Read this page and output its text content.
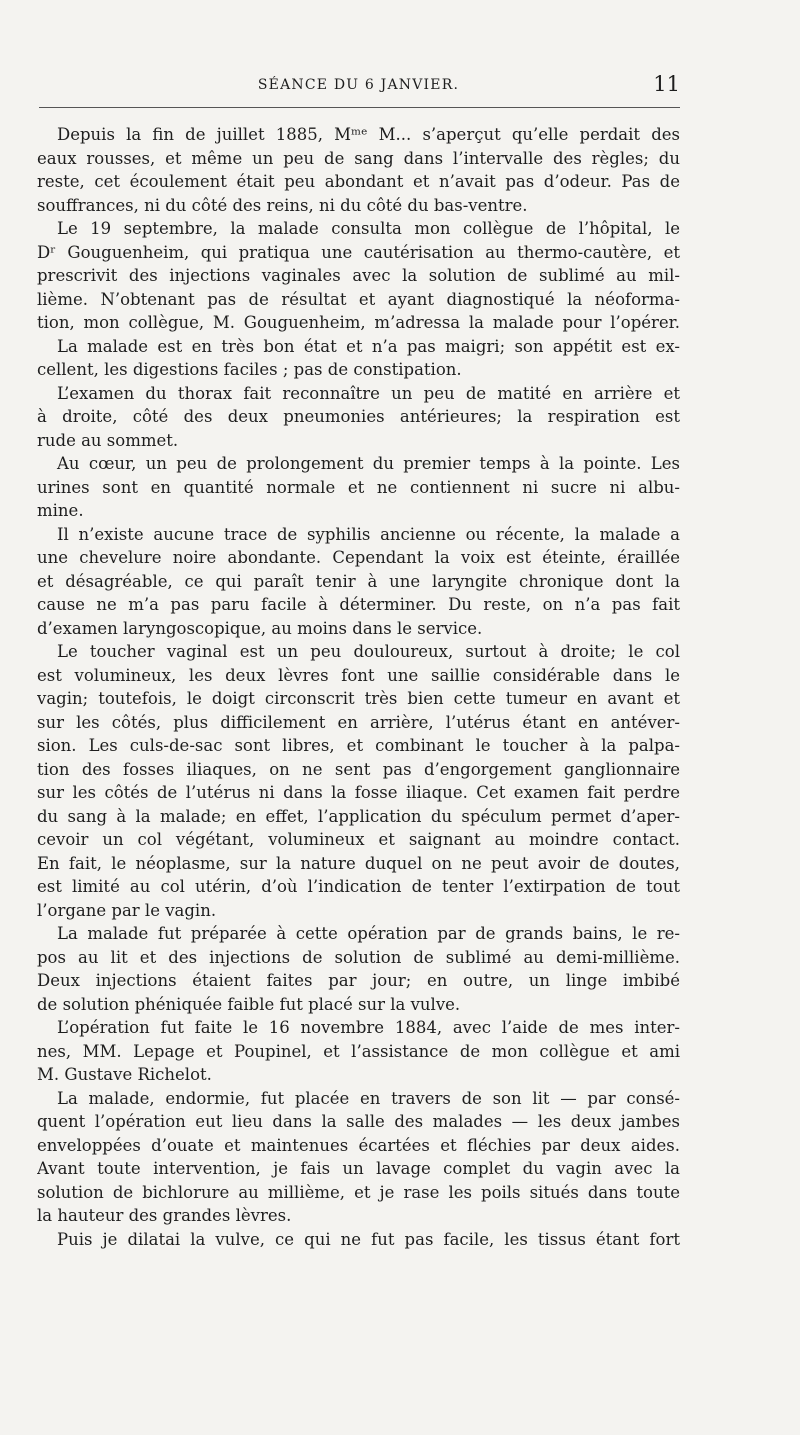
SÉANCE DU 6 JANVIER.	11
Depuis la fin de juillet 1885, Mᵐᵉ M... s’aperçut qu’elle perdait des
eaux rousses, et même un peu de sang dans l’intervalle des règles; du
reste, cet écoulement était peu abondant et n’avait pas d’odeur. Pas de
souffrances, ni du côté des reins, ni du côté du bas-ventre.
Le 19 septembre, la malade consulta mon collègue de l’hôpital, le
Dʳ Gouguenheim, qui pratiqua une cautérisation au thermo-cautère, et
prescrivit des injections vaginales avec la solution de sublimé au mil-
lième. N’obtenant pas de résultat et ayant diagnostiqué la néoforma-
tion, mon collègue, M. Gouguenheim, m’adressa la malade pour l’opérer.
La malade est en très bon état et n’a pas maigri; son appétit est ex-
cellent, les digestions faciles ; pas de constipation.
L’examen du thorax fait reconnaître un peu de matité en arrière et
à droite, côté des deux pneumonies antérieures; la respiration est
rude au sommet.
Au cœur, un peu de prolongement du premier temps à la pointe. Les
urines sont en quantité normale et ne contiennent ni sucre ni albu-
mine.
Il n’existe aucune trace de syphilis ancienne ou récente, la malade a
une chevelure noire abondante. Cependant la voix est éteinte, éraillée
et désagréable, ce qui paraît tenir à une laryngite chronique dont la
cause ne m’a pas paru facile à déterminer. Du reste, on n’a pas fait
d’examen laryngoscopique, au moins dans le service.
Le toucher vaginal est un peu douloureux, surtout à droite; le col
est volumineux, les deux lèvres font une saillie considérable dans le
vagin; toutefois, le doigt circonscrit très bien cette tumeur en avant et
sur les côtés, plus difficilement en arrière, l’utérus étant en antéver-
sion. Les culs-de-sac sont libres, et combinant le toucher à la palpa-
tion des fosses iliaques, on ne sent pas d’engorgement ganglionnaire
sur les côtés de l’utérus ni dans la fosse iliaque. Cet examen fait perdre
du sang à la malade; en effet, l’application du spéculum permet d’aper-
cevoir un col végétant, volumineux et saignant au moindre contact.
En fait, le néoplasme, sur la nature duquel on ne peut avoir de doutes,
est limité au col utérin, d’où l’indication de tenter l’extirpation de tout
l’organe par le vagin.
La malade fut préparée à cette opération par de grands bains, le re-
pos au lit et des injections de solution de sublimé au demi-millième.
Deux injections étaient faites par jour; en outre, un linge imbibé
de solution phéniquée faible fut placé sur la vulve.
L’opération fut faite le 16 novembre 1884, avec l’aide de mes inter-
nes, MM. Lepage et Poupinel, et l’assistance de mon collègue et ami
M. Gustave Richelot.
La malade, endormie, fut placée en travers de son lit — par consé-
quent l’opération eut lieu dans la salle des malades — les deux jambes
enveloppées d’ouate et maintenues écartées et fléchies par deux aides.
Avant toute intervention, je fais un lavage complet du vagin avec la
solution de bichlorure au millième, et je rase les poils situés dans toute
la hauteur des grandes lèvres.
Puis je dilatai la vulve, ce qui ne fut pas facile, les tissus étant fort
